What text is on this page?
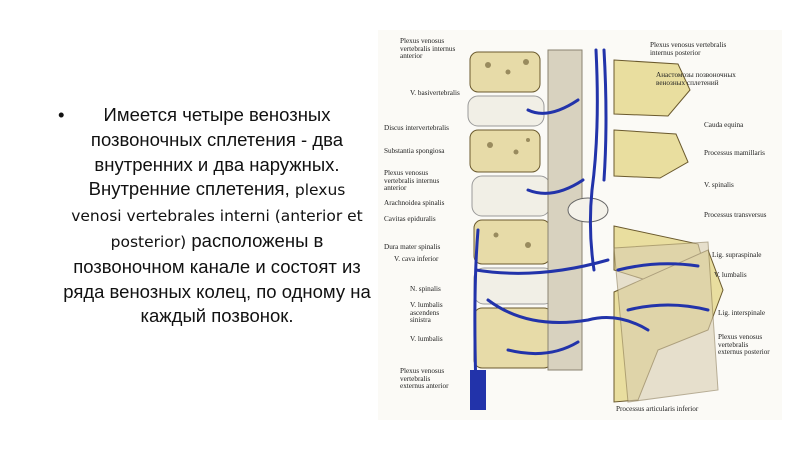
•	Имеется четыре венозных позвоночных сплетения - два внутренних и два наружных. Внутренние сплетения, plexus venosi vertebrales interni (anterior et posterior) расположены в позвоночном канале и состоят из ряда венозных колец, по одному на каждый позвонок.

Plexus venosus
vertebralis internus
anterior
V. basivertebralis
Discus intervertebralis
Substantia spongiosa
Plexus venosus
vertebralis internus
anterior
Arachnoidea spinalis
Cavitas epiduralis
Dura mater spinalis
V. cava inferior
N. spinalis
V. lumbalis
ascendens
sinistra
V. lumbalis
Plexus venosus
vertebralis
externus anterior
Plexus venosus vertebralis
internus posterior
Анастомозы позвоночных
венозных сплетений
Cauda equina
Processus mamillaris
V. spinalis
Processus transversus
Lig. supraspinale
V. lumbalis
Lig. interspinale
Plexus venosus
vertebralis
externus posterior
Processus articularis inferior
